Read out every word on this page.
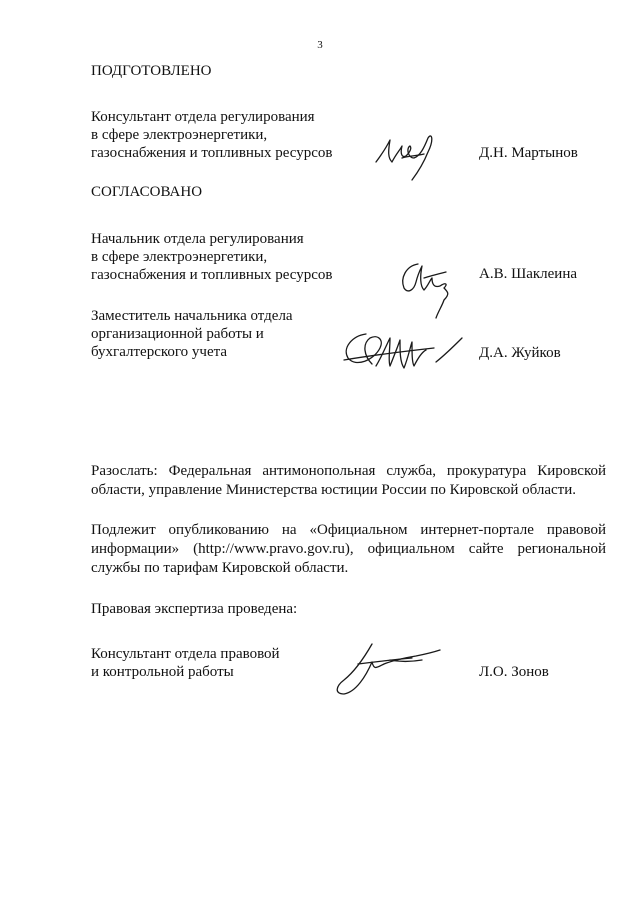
3
ПОДГОТОВЛЕНО
Консультант отдела регулирования
в сфере электроэнергетики,
газоснабжения и топливных ресурсов	Д.Н. Мартынов
СОГЛАСОВАНО
Начальник отдела регулирования
в сфере электроэнергетики,
газоснабжения и топливных ресурсов	А.В. Шаклеина
Заместитель начальника отдела
организационной работы и
бухгалтерского учета	Д.А. Жуйков
Разослать: Федеральная антимонопольная служба, прокуратура Кировской области, управление Министерства юстиции России по Кировской области.
Подлежит опубликованию на «Официальном интернет-портале правовой информации» (http://www.pravo.gov.ru), официальном сайте региональной службы по тарифам Кировской области.
Правовая экспертиза проведена:
Консультант отдела правовой
и контрольной работы	Л.О. Зонов
